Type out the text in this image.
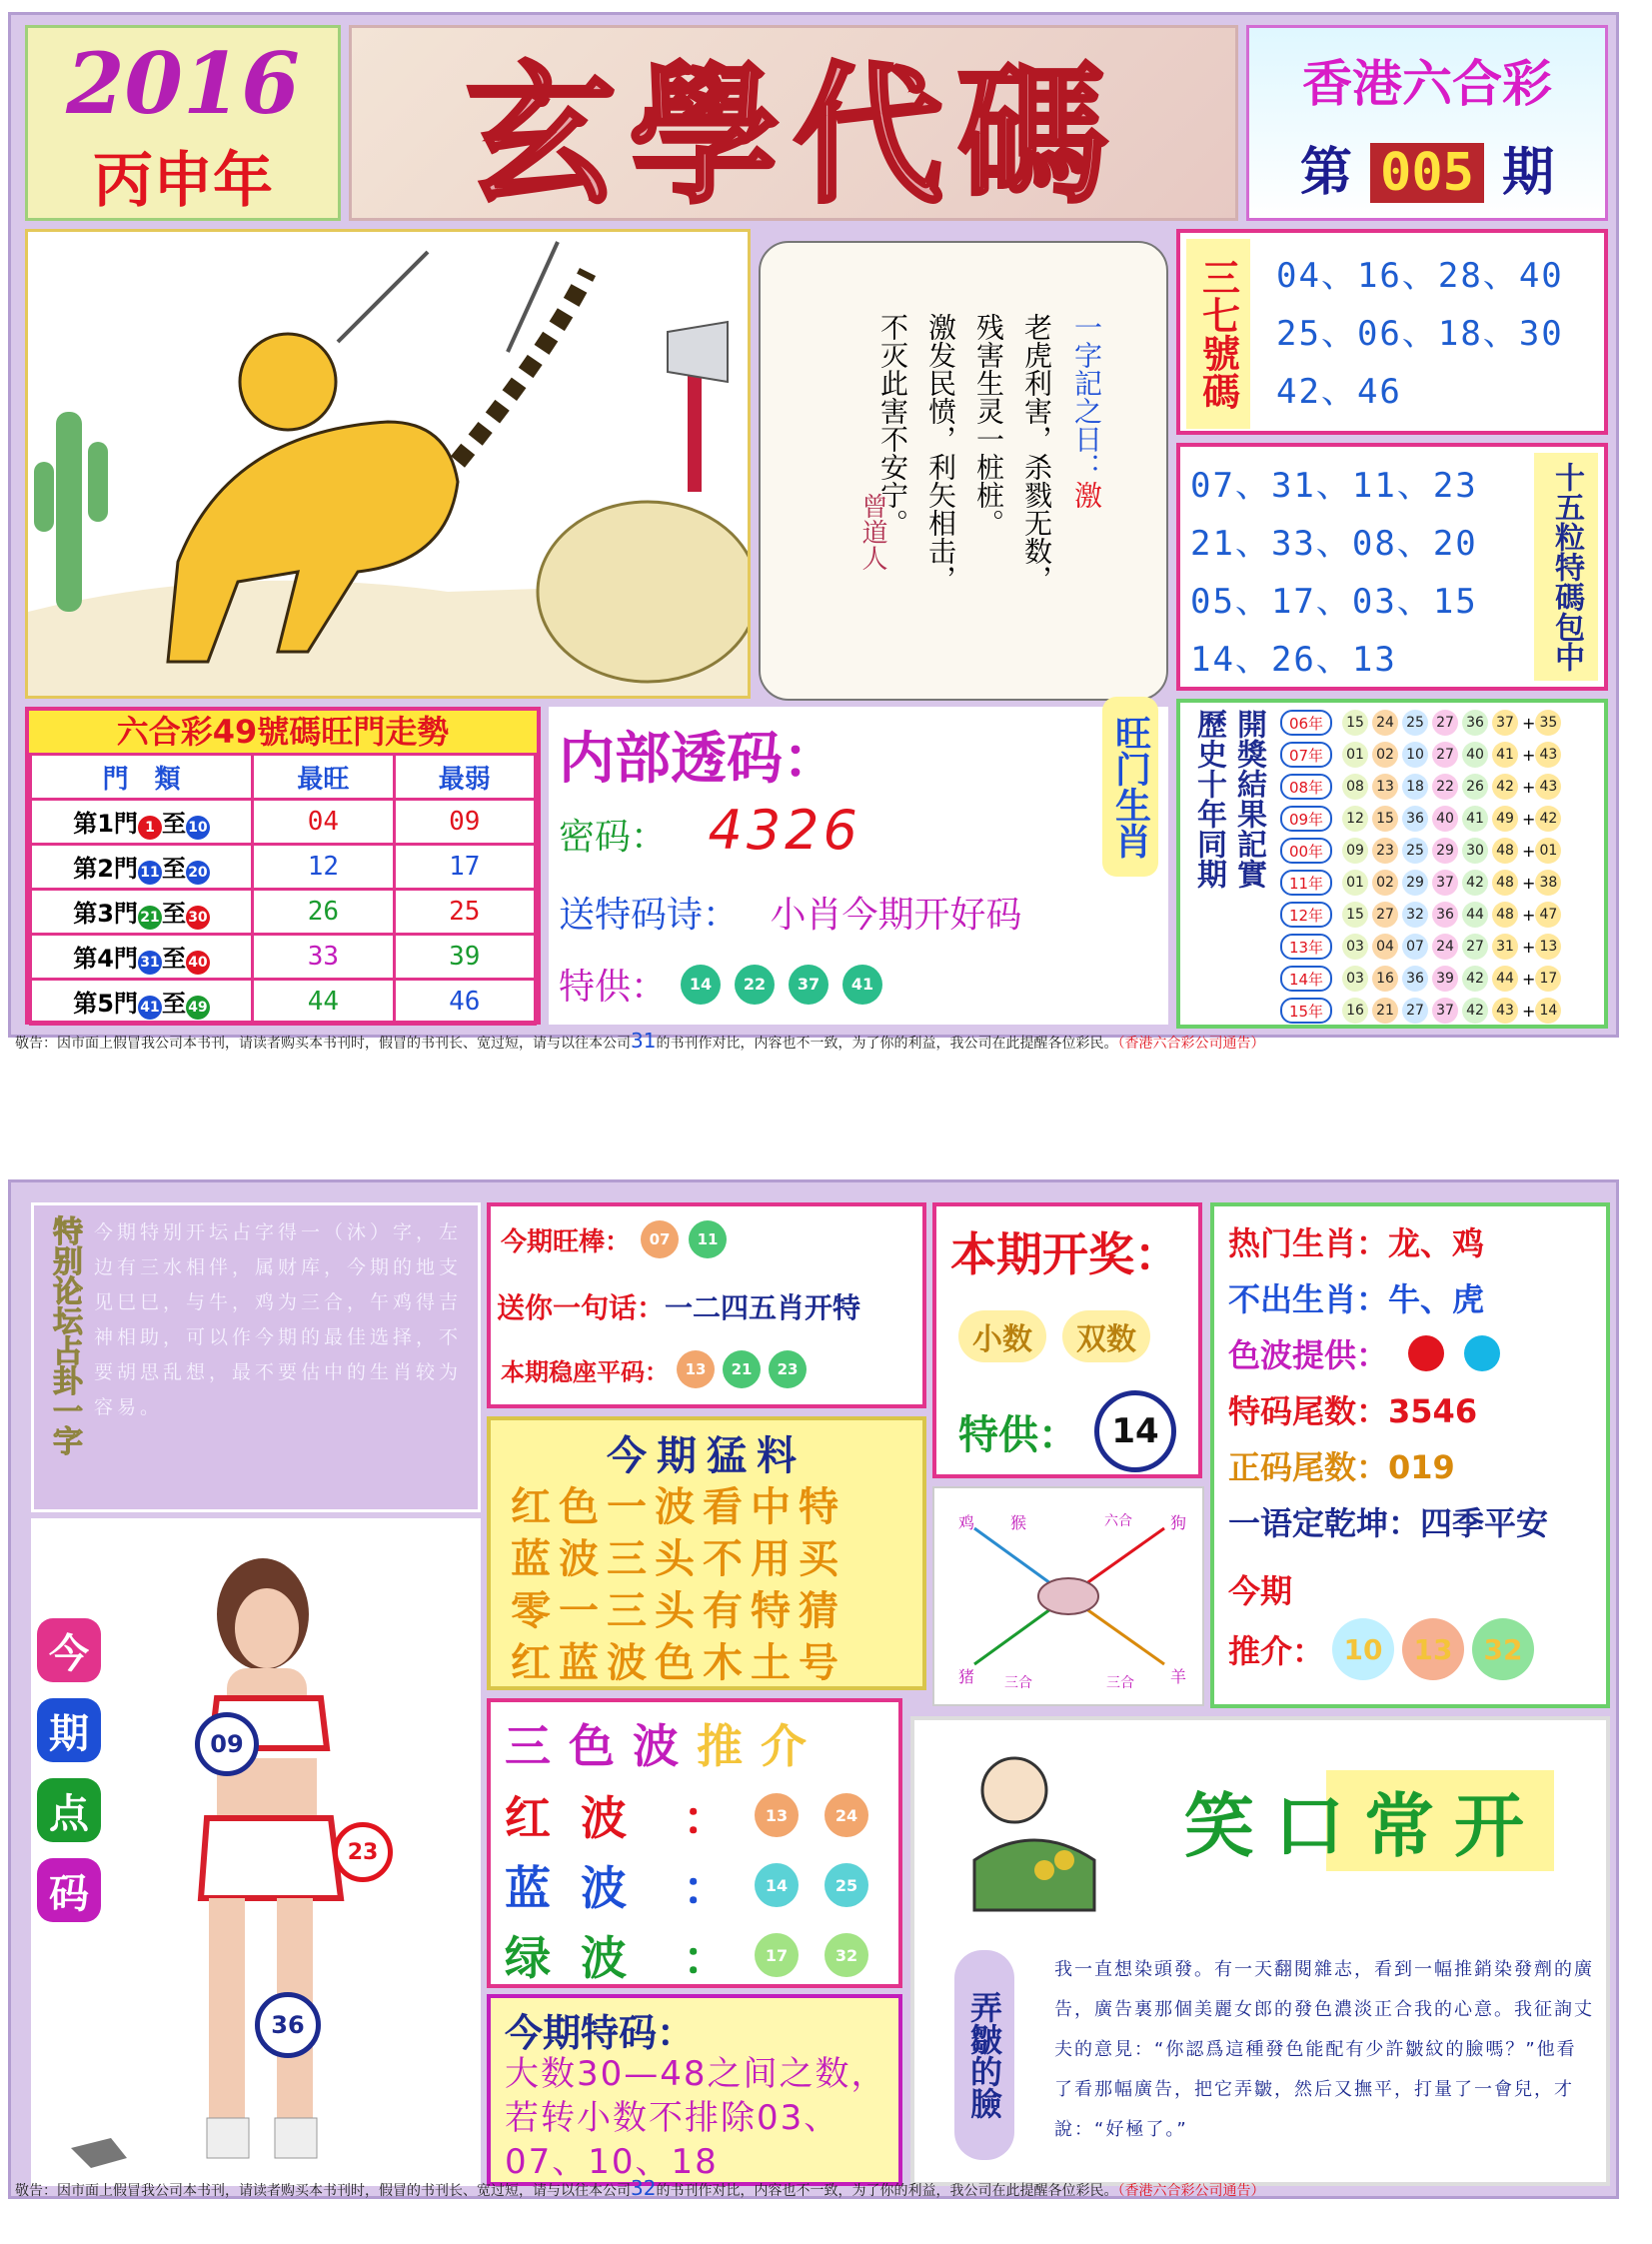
2016
丙申年	玄學代碼	香港六合彩
第 005 期
一字記之日：激
老虎利害，杀戮无数，
残害生灵一桩桩。
激发民愤，利矢相击，
不灭此害不安宁。
曾道人
三七號碼	04、16、28、40
25、06、18、30
42、46
07、31、11、23
21、33、08、20
05、17、03、15
14、26、13	十五粒特碼包中
六合彩49號碼旺門走勢
門　類	最旺	最弱
第1門 1 至 10	04	09
第2門 11至 20	12	17
第3門 21至 30	26	25
第4門 31至 40	33	39
第5門 41至 49	44	46
内部透码：
密码： 4326
送特码诗： 小肖今期开好码
特供：	14	22	37	41
旺门生肖	開獎結果記實
歷史十年同期	06年	15 24 25 27 36 37 + 35
07年	01 02 10 27 40 41 + 43
08年	08 13 18 22 26 42 + 43
09年	12 15 36 40 41 49 + 42
00年	09 23 25 29 30 48 + 01
11年	01 02 29 37 42 48 + 38
12年	15 27 32 36 44 48 + 47
13年	03 04 07 24 27 31 + 13
14年	03 16 36 39 42 44 + 17
15年	16 21 27 37 42 43 + 14
敬告：因市面上假冒我公司本书刊，请读者购买本书刊时，假冒的书刊长、宽过短，请与以往本公司31的书刊作对比，内容也不一致，为了你的利益，我公司在此提醒各位彩民。（香港六合彩公司通告）
特别论坛占卦一字 今期特别开坛占字得一（沐）字，左边有三水相伴，属财库，今期的地支见巳巳，与牛，鸡为三合，午鸡得吉神相助，可以作今期的最佳选择，不要胡思乱想，最不要估中的生肖较为容易。
今期旺棒：	07	11
送你一句话：一二四五肖开特
本期稳座平码：	13	21	23
本期开奖：
小数	双数
特供： 14
热门生肖：龙、鸡
不出生肖：牛、虎
色波提供：
特码尾数：3546
正码尾数：019
一语定乾坤：四季平安
今期
推介： 10	13	32
今期猛料
红色一波看中特
蓝波三头不用买
零一三头有特猜
红蓝波色木土号
鸡 猴	六合 狗
猪 三合	三合 羊
09
23
36
今
期
点
码
三色波推介
红波 ：	13	24
蓝波 ：	14	25
绿波 ：	17	32
今期特码：
大数30—48之间之数，若转小数不排除03、07、10、18
笑口常开
弄皺的臉
我一直想染頭發。有一天翻閱雜志，看到一幅推銷染發劑的廣告，廣告裏那個美麗女郎的發色濃淡正合我的心意。我征詢丈夫的意見：“你認爲這種發色能配有少許皺紋的臉嗎？”他看了看那幅廣告，把它弄皺，然后又撫平，打量了一會兒，才說：“好極了。”
敬告：因市面上假冒我公司本书刊，请读者购买本书刊时，假冒的书刊长、宽过短，请与以往本公司32的书刊作对比，内容也不一致，为了你的利益，我公司在此提醒各位彩民。（香港六合彩公司通告）
